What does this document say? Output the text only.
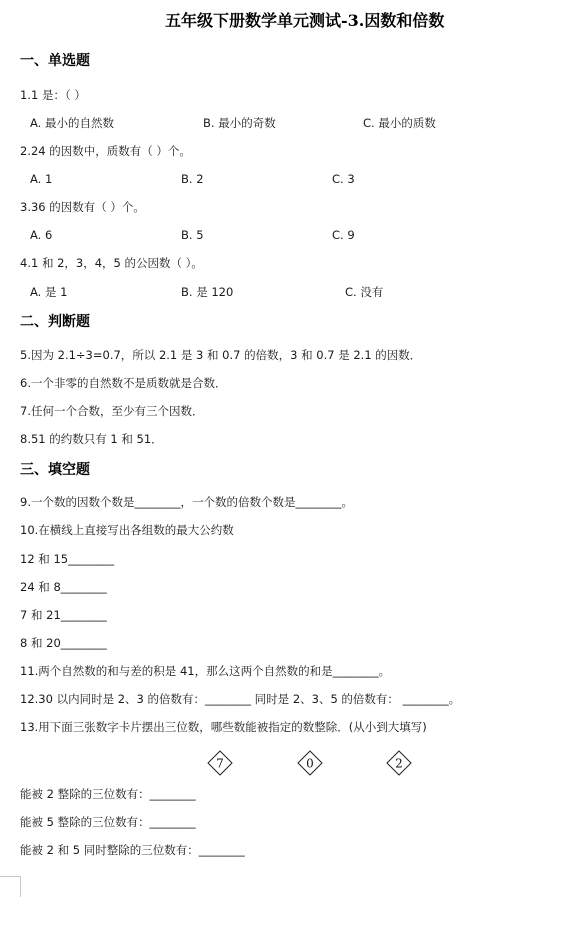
五年级下册数学单元测试-3.因数和倍数
一、单选题
1.1 是：（ ）
A. 最小的自然数	B. 最小的奇数	C. 最小的质数
2.24 的因数中，质数有（ ）个。
A. 1	B. 2	C. 3
3.36 的因数有（ ）个。
A. 6	B. 5	C. 9
4.1 和 2，3，4，5 的公因数（ ）。
A. 是 1	B. 是 120	C. 没有
二、判断题
5.因为 2.1÷3=0.7，所以 2.1 是 3 和 0.7 的倍数，3 和 0.7 是 2.1 的因数．
6.一个非零的自然数不是质数就是合数．
7.任何一个合数，至少有三个因数．
8.51 的约数只有 1 和 51．
三、填空题
9.一个数的因数个数是________，一个数的倍数个数是________。
10.在横线上直接写出各组数的最大公约数
12 和 15________
24 和 8________
7 和 21________
8 和 20________
11.两个自然数的和与差的积是 41，那么这两个自然数的和是________。
12.30 以内同时是 2、3 的倍数有：________ 同时是 2、3、5 的倍数有： ________。
13.用下面三张数字卡片摆出三位数，哪些数能被指定的数整除．(从小到大填写)
7	0	2
能被 2 整除的三位数有：________
能被 5 整除的三位数有：________
能被 2 和 5 同时整除的三位数有：________
